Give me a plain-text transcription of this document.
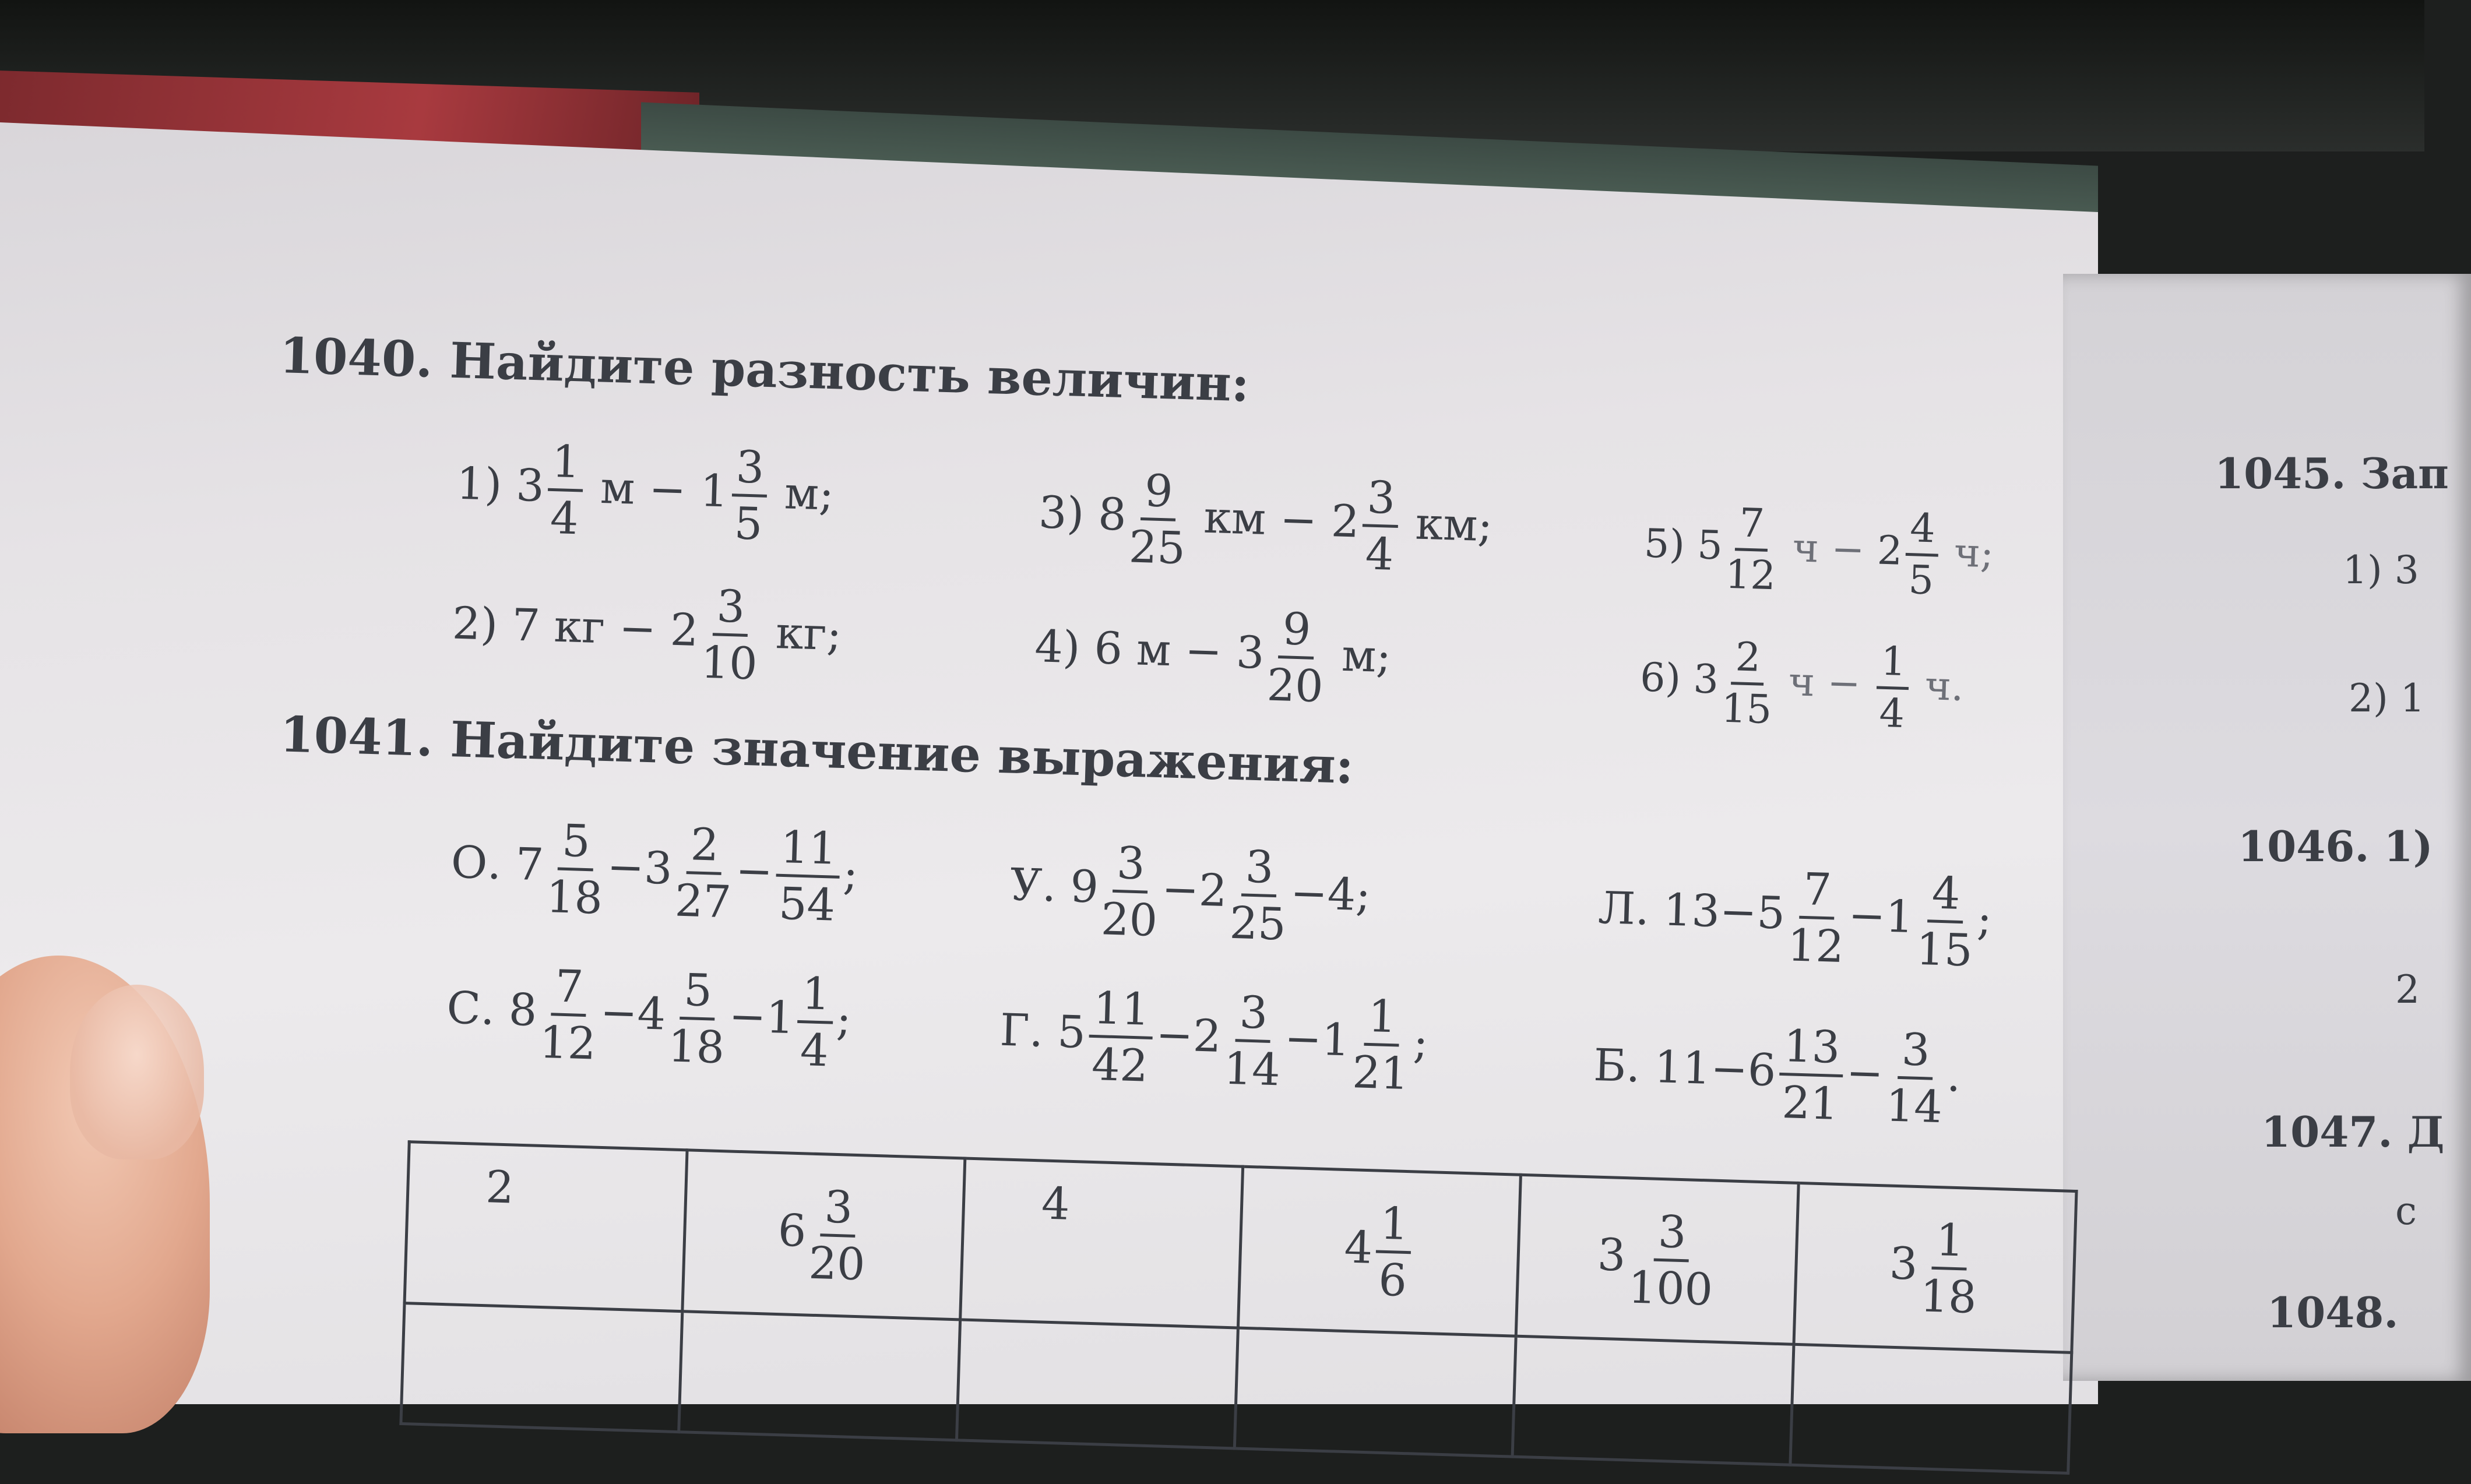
1040. Найдите разность величин:
1) $3 \frac{1}{4}$ $м - 1 \frac{3}{5} м$;
2) 7 кг − $2 \frac{3}{10}$ кг;
3) $8 \frac{9}{25}$ км − $2 \frac{3}{4}$ км;
4) 6 $м - 3 \frac{9}{20} м$;
5) $5 \frac{7}{12}$ $ч - 2 \frac{4}{5} ч$;
6) $3 \frac{2}{15}$ $ч - \frac{1}{4} ч$.
1041. Найдите значение выражения:
О. $7 \frac{5}{18} -3 \frac{2}{27} - \frac{11}{54}$ ;	У. $9 \frac{3}{20} -2 \frac{3}{25} -4$;	Л. $13-5 \frac{7}{12} -1 \frac{4}{15}$ ;
С. $8 \frac{7}{12} -4 \frac{5}{18} -1 \frac{1}{4}$ ;	Г. $5 \frac{11}{42} -2 \frac{3}{14} -1 \frac{1}{21}$ ;	Б. $11-6 \frac{13}{21} - \frac{3}{14}$ .
2	$6 \frac{3}{20}$	4	$4 \frac{1}{6}$	$3 \frac{3}{100}$	$3 \frac{1}{18}$

1045. Зап
1) 3
2) 1
1046. 1)
2
1047. Д
с
1048.
